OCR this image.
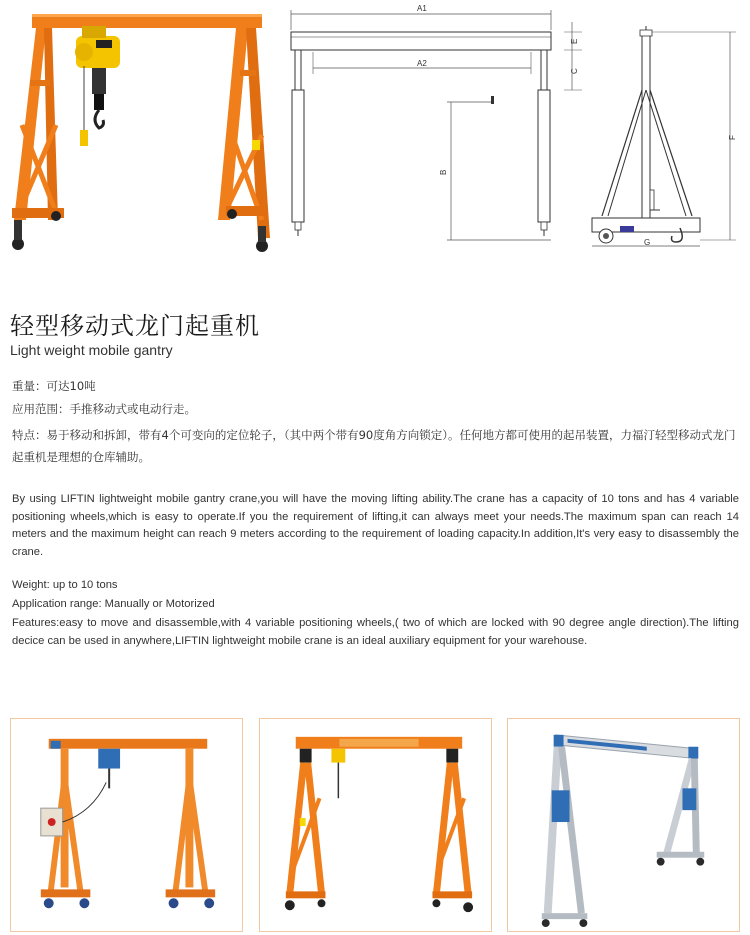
A1
A2
B
E
C
F
G
轻型移动式龙门起重机
Light weight mobile gantry
重量：可达10吨
应用范围：手推移动式或电动行走。
特点：易于移动和拆卸，带有4个可变向的定位轮子，（其中两个带有90度角方向锁定）。任何地方都可使用的起吊装置，力福汀轻型移动式龙门起重机是理想的仓库辅助。

By using LIFTIN lightweight mobile gantry crane,you will have the moving lifting ability.The crane has a capacity of 10 tons and has 4 variable positioning wheels,which is easy to operate.If you the requirement of lifting,it can always meet your needs.The maximum span can reach 14 meters and the maximum height can reach 9 meters according to the requirement of loading capacity.In addition,It's very easy to disassembly the crane.

Weight: up to 10 tons

Application range: Manually or Motorized

Features:easy to move and disassemble,with 4 variable positioning wheels,( two of which are locked with 90 degree angle direction).The lifting decice can be used in anywhere,LIFTIN lightweight mobile crane is an ideal auxiliary equipment for your warehouse.
